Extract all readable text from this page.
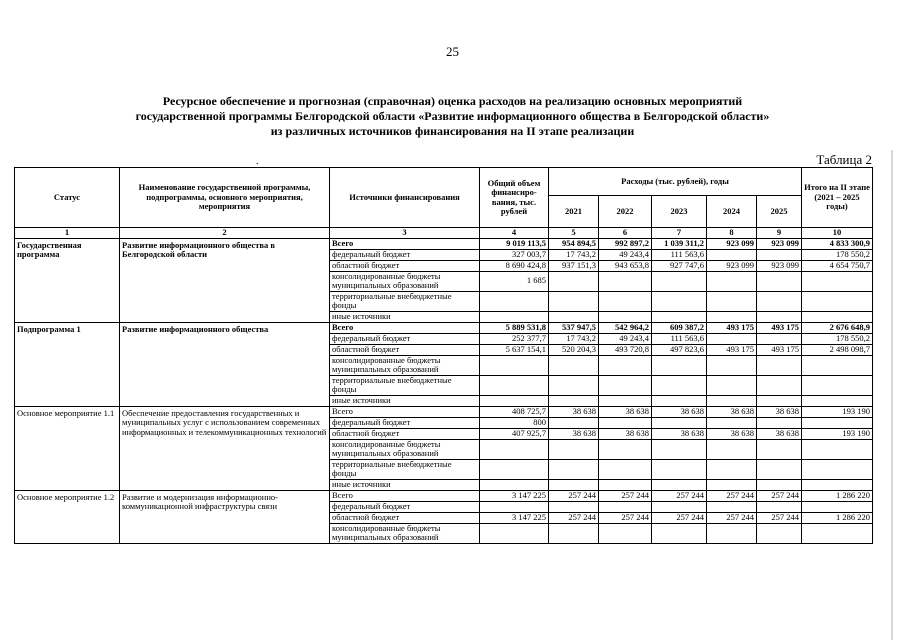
25
Ресурсное обеспечение и прогнозная (справочная) оценка расходов на реализацию основных мероприятий
государственной программы Белгородской области «Развитие информационного общества в Белгородской области»
из различных источников финансирования на II этапе реализации
.	Таблица 2
Статус	Наименование государственной программы, подпрограммы, основного мероприятия, мероприятия	Источники финансирования	Общий объем финансиро-вания, тыс. рублей	Расходы (тыс. рублей), годы					Итого на II этапе (2021 – 2025 годы)
				2021	2022	2023	2024	2025	
1	2	3	4	5	6	7	8	9	10
Государственная программа	Развитие информационного общества в Белгородской области	Всего	9 019 113,5	954 894,5	992 897,2	1 039 311,2	923 099	923 099	4 833 300,9
		федеральный бюджет	327 003,7	17 743,2	49 243,4	111 563,6			178 550,2
		областной бюджет	8 690 424,8	937 151,3	943 653,8	927 747,6	923 099	923 099	4 654 750,7
		консолидированные бюджеты муниципальных образований	1 685						
		территориальные внебюджетные фонды							
		иные источники							
Подпрограмма 1	Развитие информационного общества	Всего	5 889 531,8	537 947,5	542 964,2	609 387,2	493 175	493 175	2 676 648,9
		федеральный бюджет	252 377,7	17 743,2	49 243,4	111 563,6			178 550,2
		областной бюджет	5 637 154,1	520 204,3	493 720,8	497 823,6	493 175	493 175	2 498 098,7
		консолидированные бюджеты муниципальных образований							
		территориальные внебюджетные фонды							
		иные источники							
Основное мероприятие 1.1	Обеспечение предоставления государственных и муниципальных услуг с использованием современных информационных и телекоммуникационных технологий	Всего	408 725,7	38 638	38 638	38 638	38 638	38 638	193 190
		федеральный бюджет	800						
		областной бюджет	407 925,7	38 638	38 638	38 638	38 638	38 638	193 190
		консолидированные бюджеты муниципальных образований							
		территориальные внебюджетные фонды							
		иные источники							
Основное мероприятие 1.2	Развитие и модернизация информационно-коммуникационной инфраструктуры связи	Всего	3 147 225	257 244	257 244	257 244	257 244	257 244	1 286 220
		федеральный бюджет							
		областной бюджет	3 147 225	257 244	257 244	257 244	257 244	257 244	1 286 220
		консолидированные бюджеты муниципальных образований							
